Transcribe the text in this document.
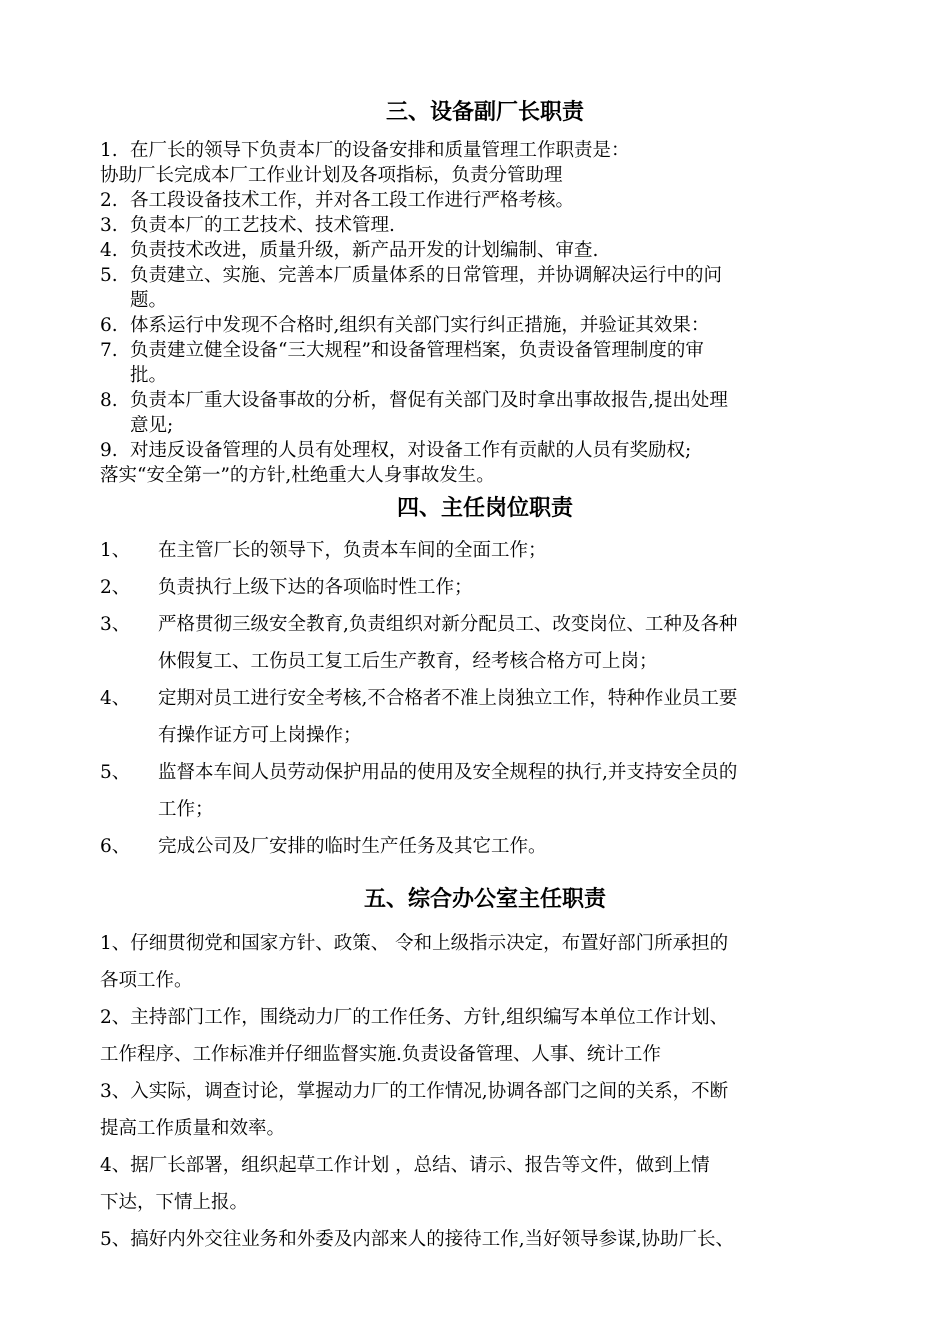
三、设备副厂长职责
1. 在厂长的领导下负责本厂的设备安排和质量管理工作职责是：
协助厂长完成本厂工作业计划及各项指标，负责分管助理
2. 各工段设备技术工作，并对各工段工作进行严格考核。
3. 负责本厂的工艺技术、技术管理.
4. 负责技术改进，质量升级，新产品开发的计划编制、审查.
5. 负责建立、实施、完善本厂质量体系的日常管理，并协调解决运行中的问
题。
6. 体系运行中发现不合格时,组织有关部门实行纠正措施，并验证其效果：
7. 负责建立健全设备“三大规程”和设备管理档案，负责设备管理制度的审
批。
8. 负责本厂重大设备事故的分析，督促有关部门及时拿出事故报告,提出处理
意见;
9. 对违反设备管理的人员有处理权，对设备工作有贡献的人员有奖励权;
落实“安全第一”的方针,杜绝重大人身事故发生。
四、主任岗位职责
1、	在主管厂长的领导下，负责本车间的全面工作；
2、	负责执行上级下达的各项临时性工作；
3、	严格贯彻三级安全教育,负责组织对新分配员工、改变岗位、工种及各种
休假复工、工伤员工复工后生产教育，经考核合格方可上岗；
4、	定期对员工进行安全考核,不合格者不准上岗独立工作，特种作业员工要
有操作证方可上岗操作；
5、	监督本车间人员劳动保护用品的使用及安全规程的执行,并支持安全员的
工作；
6、	完成公司及厂安排的临时生产任务及其它工作。
五、综合办公室主任职责
1、仔细贯彻党和国家方针、政策、 令和上级指示决定，布置好部门所承担的
各项工作。
2、主持部门工作，围绕动力厂的工作任务、方针,组织编写本单位工作计划、
工作程序、工作标准并仔细监督实施.负责设备管理、人事、统计工作
3、入实际，调查讨论，掌握动力厂的工作情况,协调各部门之间的关系，不断
提高工作质量和效率。
4、据厂长部署，组织起草工作计划 ，总结、请示、报告等文件，做到上情
下达，下情上报。
5、搞好内外交往业务和外委及内部来人的接待工作,当好领导参谋,协助厂长、
